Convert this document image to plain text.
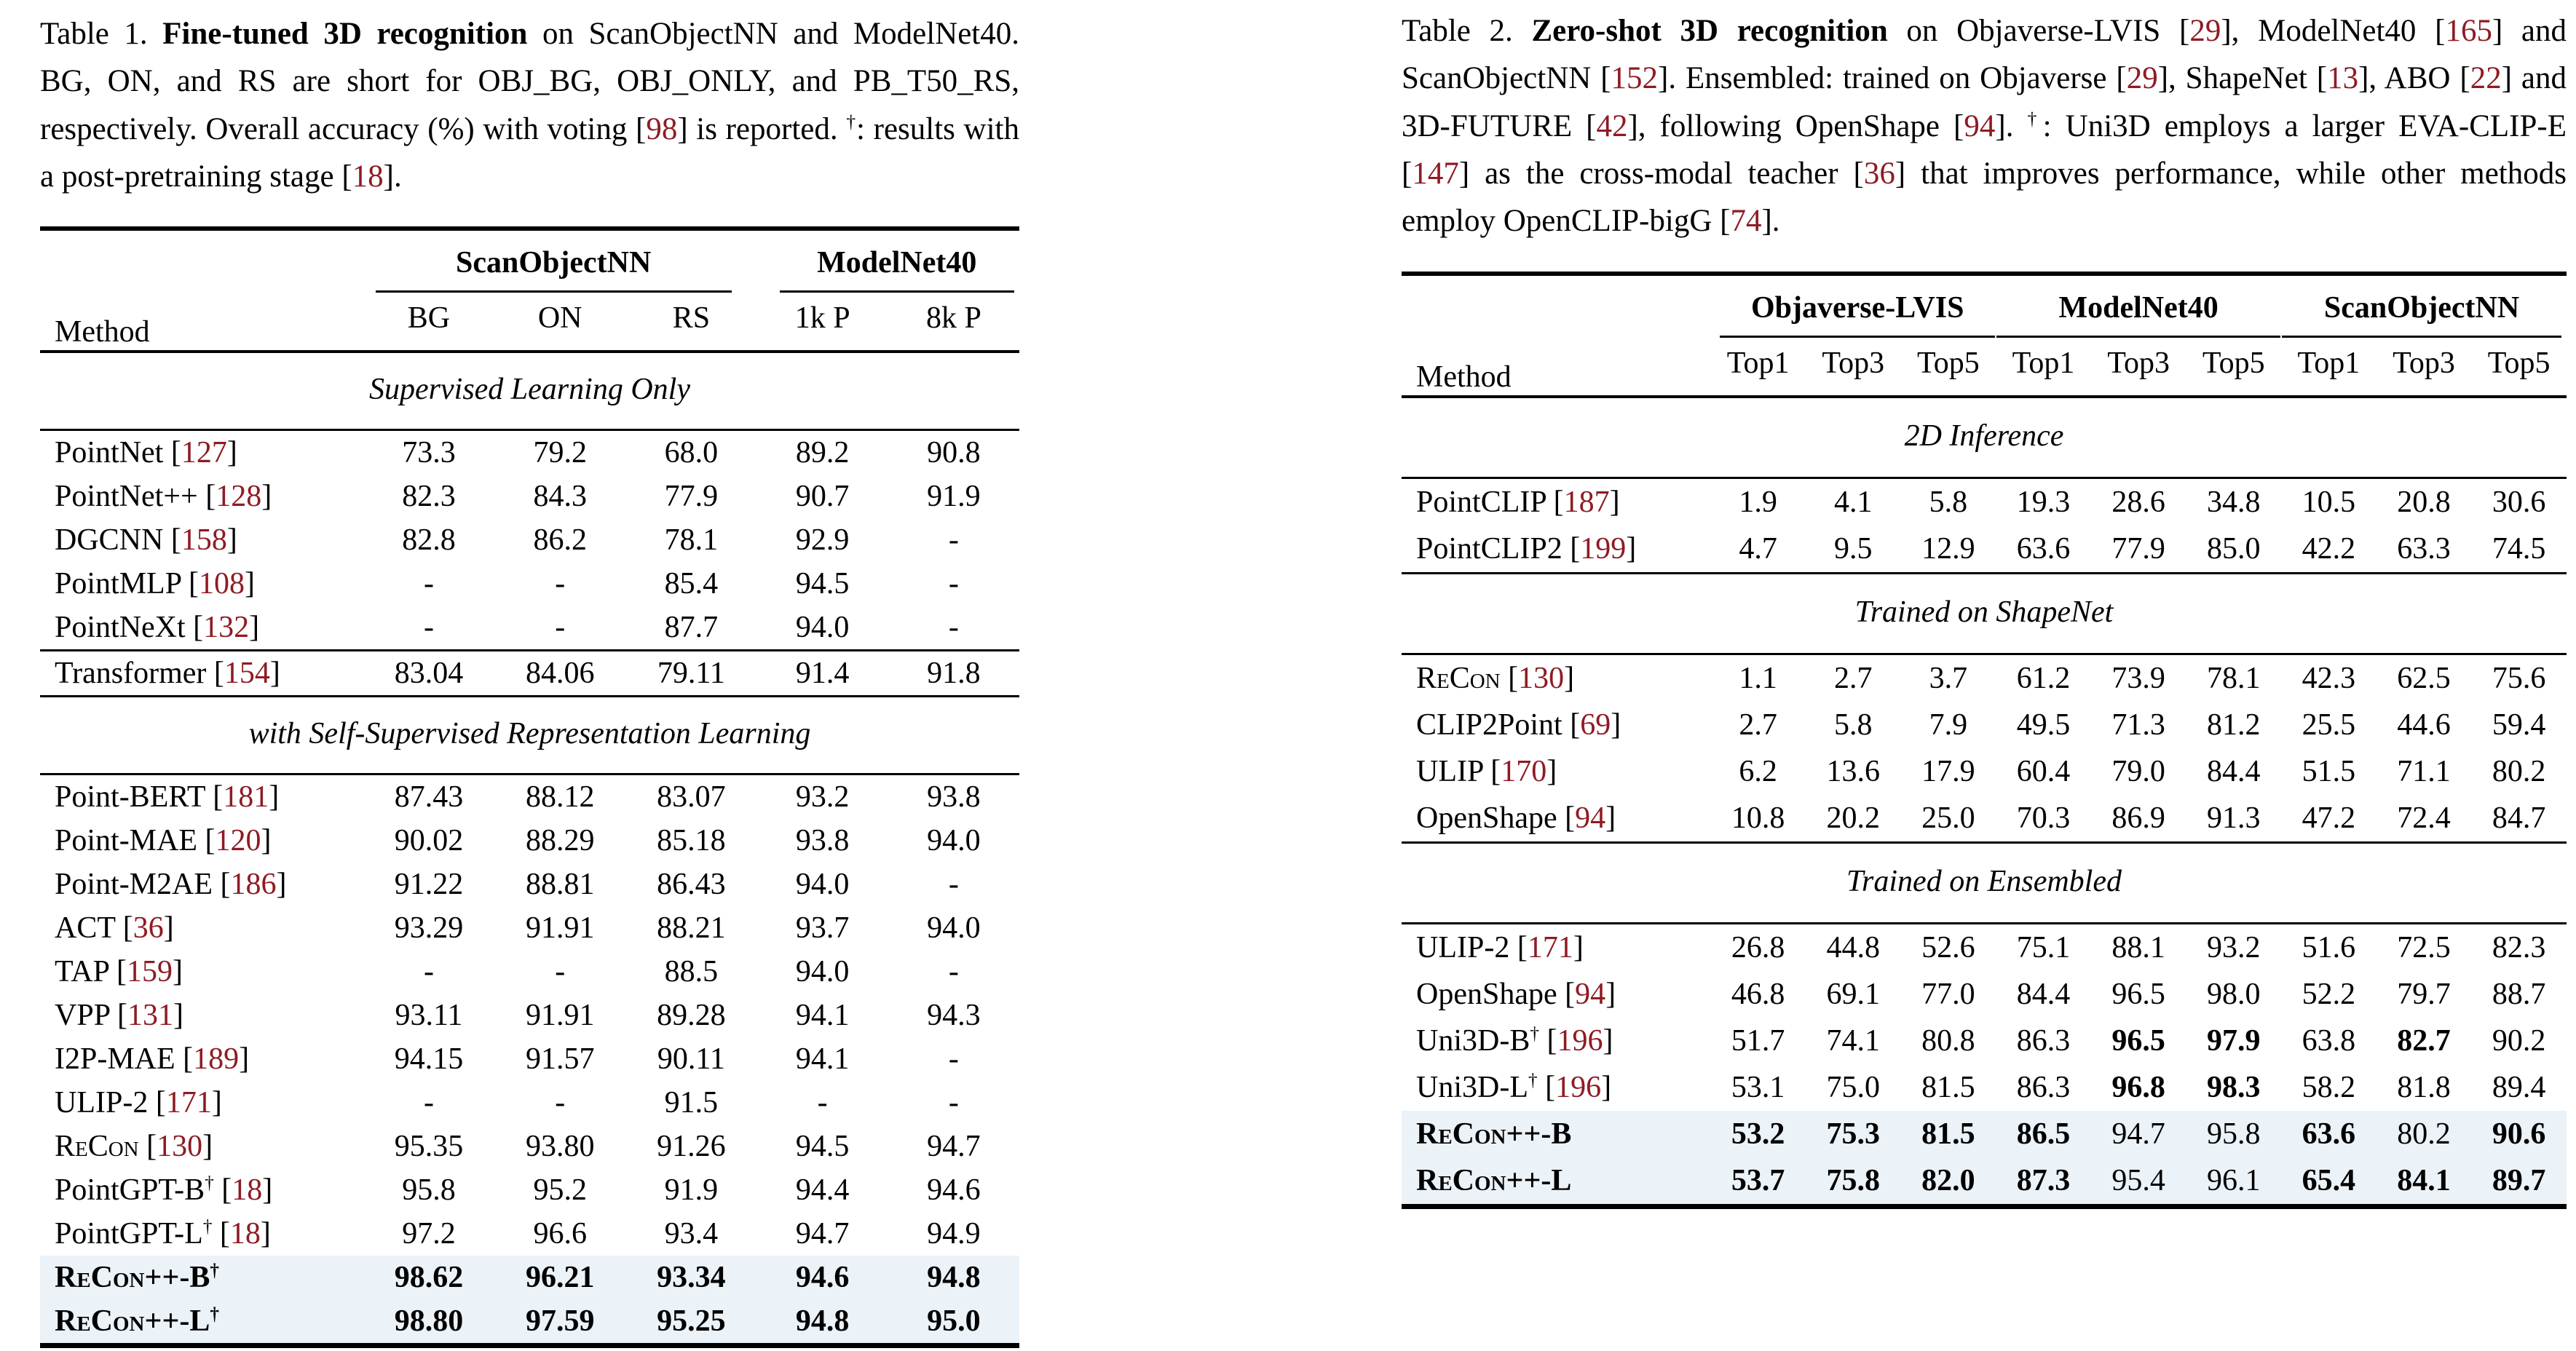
Table 1. Fine-tuned 3D recognition on ScanObjectNN and ModelNet40. BG, ON, and RS are short for OBJ_BG, OBJ_ONLY, and PB_T50_RS, respectively. Overall accuracy (%) with voting [98] is reported. †: results with a post-pretraining stage [18].

Method	ScanObjectNN			ModelNet40	

	BG	ON	RS	1k P	8k P
Supervised Learning Only					
PointNet [127]	73.3	79.2	68.0	89.2	90.8
PointNet++ [128]	82.3	84.3	77.9	90.7	91.9
DGCNN [158]	82.8	86.2	78.1	92.9	-
PointMLP [108]	-	-	85.4	94.5	-
PointNeXt [132]	-	-	87.7	94.0	-
Transformer [154]	83.04	84.06	79.11	91.4	91.8
with Self-Supervised Representation Learning					
Point-BERT [181]	87.43	88.12	83.07	93.2	93.8
Point-MAE [120]	90.02	88.29	85.18	93.8	94.0
Point-M2AE [186]	91.22	88.81	86.43	94.0	-
ACT [36]	93.29	91.91	88.21	93.7	94.0
TAP [159]	-	-	88.5	94.0	-
VPP [131]	93.11	91.91	89.28	94.1	94.3
I2P-MAE [189]	94.15	91.57	90.11	94.1	-
ULIP-2 [171]	-	-	91.5	-	-
ReCon [130]	95.35	93.80	91.26	94.5	94.7
PointGPT-B† [18]	95.8	95.2	91.9	94.4	94.6
PointGPT-L† [18]	97.2	96.6	93.4	94.7	94.9
ReCon++-B†	98.62	96.21	93.34	94.6	94.8
ReCon++-L†	98.80	97.59	95.25	94.8	95.0

Table 2. Zero-shot 3D recognition on Objaverse-LVIS [29], ModelNet40 [165] and ScanObjectNN [152]. Ensembled: trained on Objaverse [29], ShapeNet [13], ABO [22] and 3D-FUTURE [42], following OpenShape [94]. †: Uni3D employs a larger EVA-CLIP-E [147] as the cross-modal teacher [36] that improves performance, while other methods employ OpenCLIP-bigG [74].

Method	Objaverse-LVIS			ModelNet40			ScanObjectNN		

	Top1	Top3	Top5	Top1	Top3	Top5	Top1	Top3	Top5
2D Inference									
PointCLIP [187]	1.9	4.1	5.8	19.3	28.6	34.8	10.5	20.8	30.6
PointCLIP2 [199]	4.7	9.5	12.9	63.6	77.9	85.0	42.2	63.3	74.5
Trained on ShapeNet									
ReCon [130]	1.1	2.7	3.7	61.2	73.9	78.1	42.3	62.5	75.6
CLIP2Point [69]	2.7	5.8	7.9	49.5	71.3	81.2	25.5	44.6	59.4
ULIP [170]	6.2	13.6	17.9	60.4	79.0	84.4	51.5	71.1	80.2
OpenShape [94]	10.8	20.2	25.0	70.3	86.9	91.3	47.2	72.4	84.7
Trained on Ensembled									
ULIP-2 [171]	26.8	44.8	52.6	75.1	88.1	93.2	51.6	72.5	82.3
OpenShape [94]	46.8	69.1	77.0	84.4	96.5	98.0	52.2	79.7	88.7
Uni3D-B† [196]	51.7	74.1	80.8	86.3	96.5	97.9	63.8	82.7	90.2
Uni3D-L† [196]	53.1	75.0	81.5	86.3	96.8	98.3	58.2	81.8	89.4
ReCon++-B	53.2	75.3	81.5	86.5	94.7	95.8	63.6	80.2	90.6
ReCon++-L	53.7	75.8	82.0	87.3	95.4	96.1	65.4	84.1	89.7
